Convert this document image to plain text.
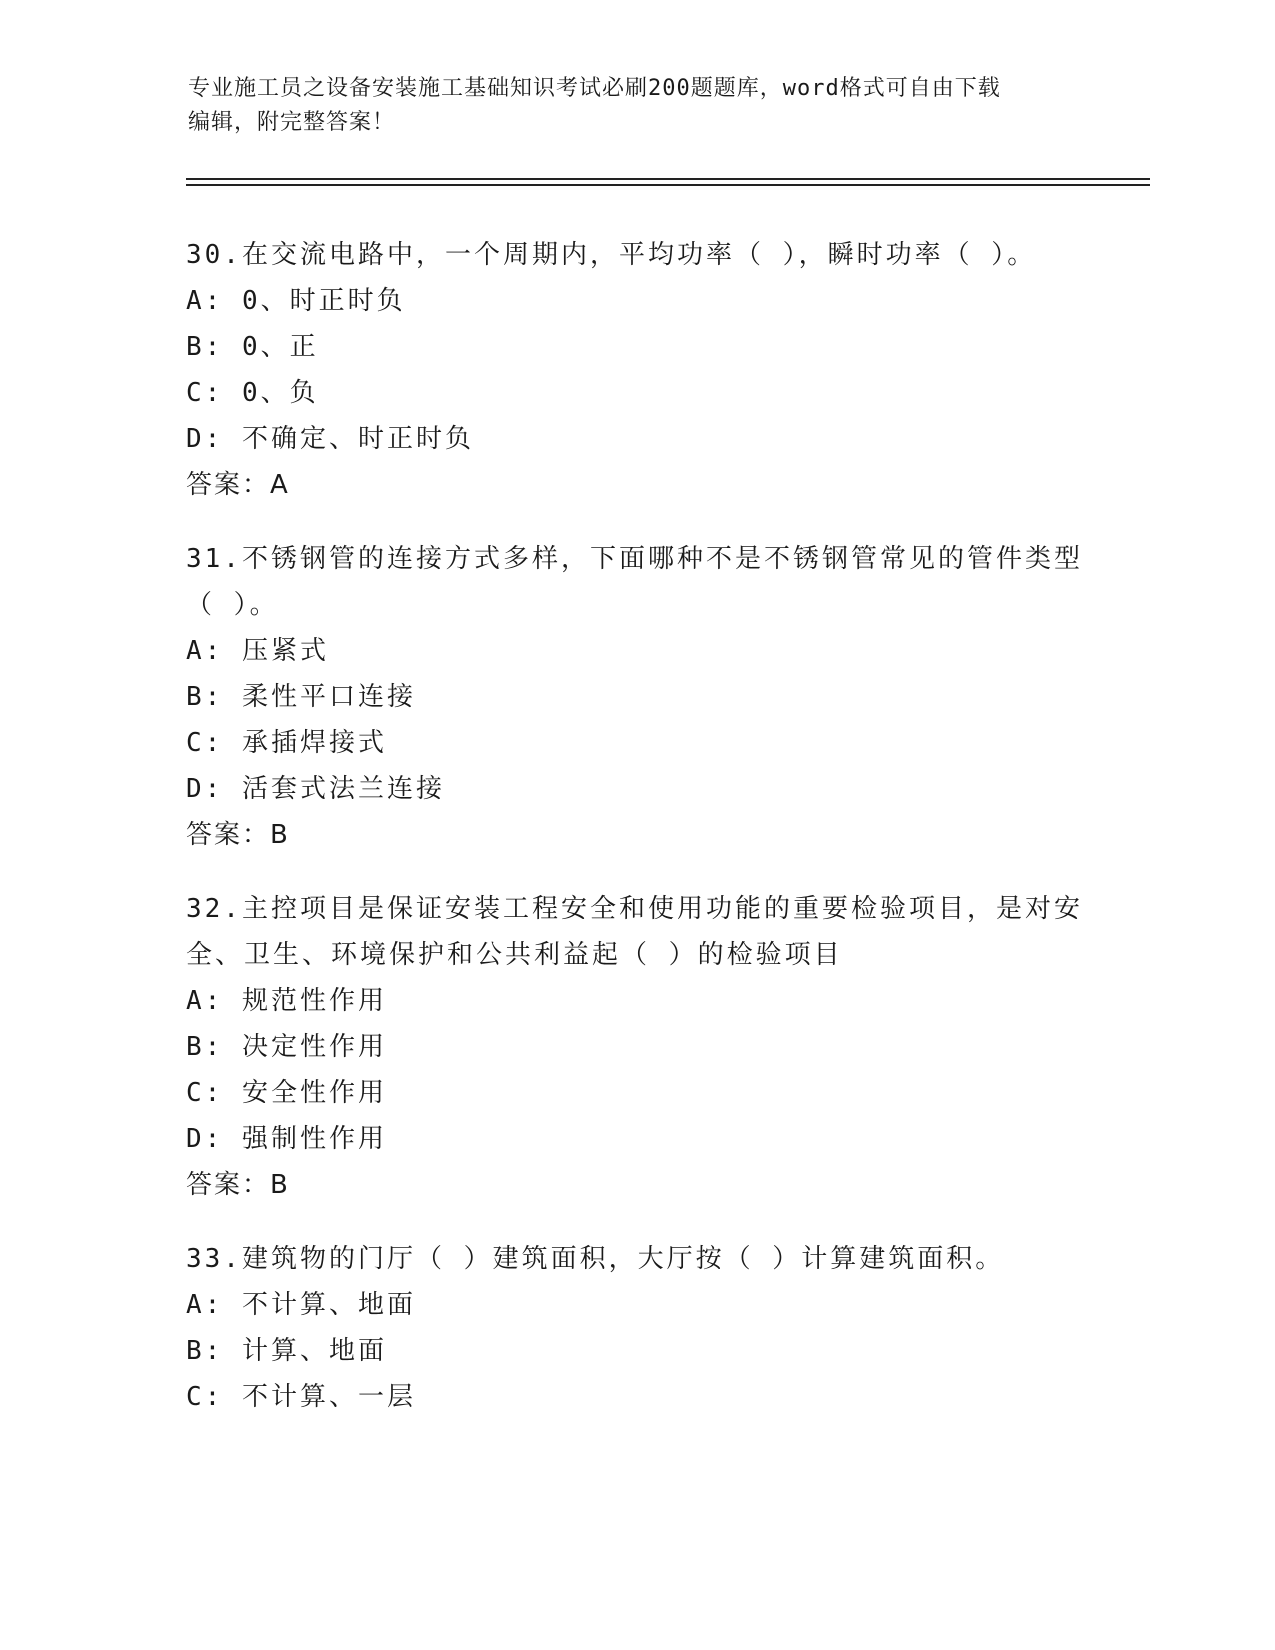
专业施工员之设备安装施工基础知识考试必刷200题题库，word格式可自由下载
编辑，附完整答案！
30.在交流电路中，一个周期内，平均功率（ ），瞬时功率（ ）。
A: 0、时正时负
B: 0、正
C: 0、负
D: 不确定、时正时负
答案：A
31.不锈钢管的连接方式多样，下面哪种不是不锈钢管常见的管件类型
（ ）。
A: 压紧式
B: 柔性平口连接
C: 承插焊接式
D: 活套式法兰连接
答案：B
32.主控项目是保证安装工程安全和使用功能的重要检验项目，是对安
全、卫生、环境保护和公共利益起（ ）的检验项目
A: 规范性作用
B: 决定性作用
C: 安全性作用
D: 强制性作用
答案：B
33.建筑物的门厅（ ）建筑面积，大厅按（ ）计算建筑面积。
A: 不计算、地面
B: 计算、地面
C: 不计算、一层
